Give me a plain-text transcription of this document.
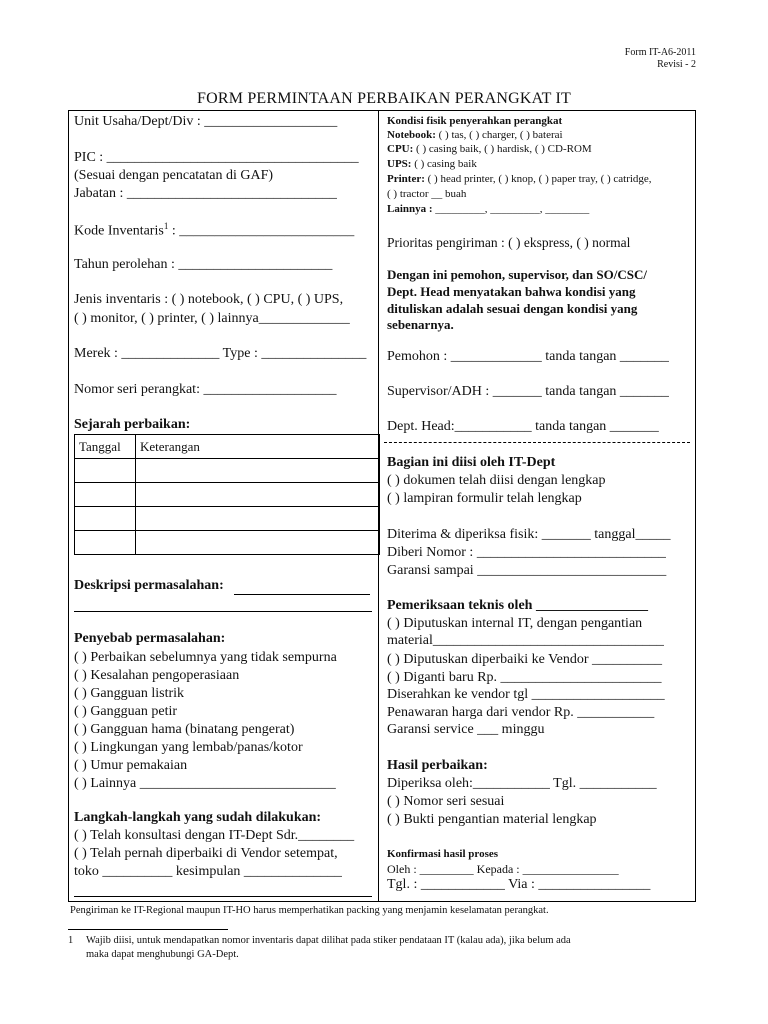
Form IT-A6-2011
Revisi - 2
FORM PERMINTAAN PERBAIKAN PERANGKAT IT
Unit Usaha/Dept/Div : ___________________
PIC : ____________________________________
(Sesuai dengan pencatatan di GAF)
Jabatan : ______________________________
Kode Inventaris$^1$ : _________________________
Tahun perolehan : ______________________
Jenis inventaris : ( ) notebook, ( ) CPU, ( ) UPS,
( ) monitor, ( ) printer, ( ) lainnya_____________
Merek : ______________ Type : _______________
Nomor seri perangkat: ___________________
Sejarah perbaikan:
Tanggal	Keterangan

Deskripsi permasalahan:
Penyebab permasalahan:
( ) Perbaikan sebelumnya yang tidak sempurna
( ) Kesalahan pengoperasiaan
( ) Gangguan listrik
( ) Gangguan petir
( ) Gangguan hama (binatang pengerat)
( ) Lingkungan yang lembab/panas/kotor
( ) Umur pemakaian
( ) Lainnya ____________________________
Langkah-langkah yang sudah dilakukan:
( ) Telah konsultasi dengan IT-Dept Sdr.________
( ) Telah pernah diperbaiki di Vendor setempat,
toko __________ kesimpulan ______________
Kondisi fisik penyerahkan perangkat
Notebook: ( ) tas, ( ) charger, ( ) baterai
CPU: ( ) casing baik, ( ) hardisk, ( ) CD-ROM
UPS: ( ) casing baik
Printer: ( ) head printer, ( ) knop, ( ) paper tray, ( ) catridge,
( ) tractor __ buah
Lainnya : _________, _________, ________
Prioritas pengiriman : ( ) ekspress, ( ) normal
Dengan ini pemohon, supervisor, dan SO/CSC/
Dept. Head menyatakan bahwa kondisi yang
dituliskan adalah sesuai dengan kondisi yang
sebenarnya.
Pemohon : _____________ tanda tangan _______
Supervisor/ADH : _______ tanda tangan _______
Dept. Head:___________ tanda tangan _______
Bagian ini diisi oleh IT-Dept
( ) dokumen telah diisi dengan lengkap
( ) lampiran formulir telah lengkap
Diterima & diperiksa fisik: _______ tanggal_____
Diberi Nomor : ___________________________
Garansi sampai ___________________________
Pemeriksaan teknis oleh ________________
( ) Diputuskan internal IT, dengan pengantian
material_________________________________
( ) Diputuskan diperbaiki ke Vendor __________
( ) Diganti baru Rp. _______________________
Diserahkan ke vendor tgl ___________________
Penawaran harga dari vendor Rp. ___________
Garansi service ___ minggu
Hasil perbaikan:
Diperiksa oleh:___________ Tgl. ___________
( ) Nomor seri sesuai
( ) Bukti pengantian material lengkap
Konfirmasi hasil proses
Oleh : _________ Kepada : ________________
Tgl. : ____________ Via : ________________
Pengiriman ke IT-Regional maupun IT-HO harus memperhatikan packing yang menjamin keselamatan perangkat.
1 Wajib diisi, untuk mendapatkan nomor inventaris dapat dilihat pada stiker pendataan IT (kalau ada), jika belum ada
maka dapat menghubungi GA-Dept.
